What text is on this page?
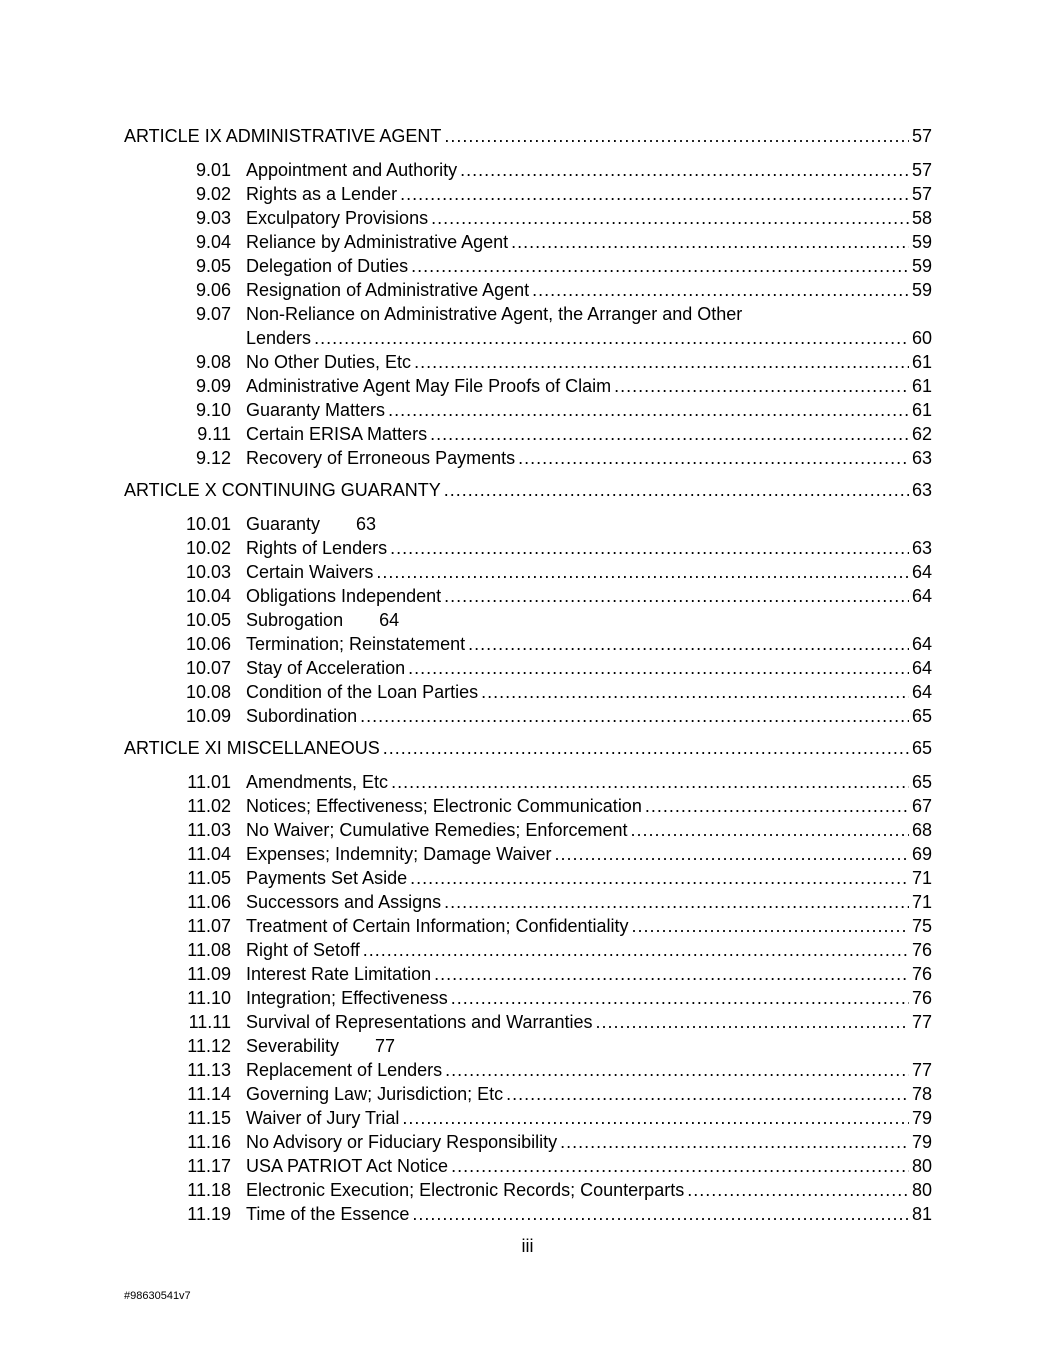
ARTICLE IX ADMINISTRATIVE AGENT .....	57
9.01 Appointment and Authority .....	57
9.02 Rights as a Lender .....	57
9.03 Exculpatory Provisions .....	58
9.04 Reliance by Administrative Agent .....	59
9.05 Delegation of Duties .....	59
9.06 Resignation of Administrative Agent .....	59
9.07 Non-Reliance on Administrative Agent, the Arranger and Other
Lenders .....	60
9.08 No Other Duties, Etc .....	61
9.09 Administrative Agent May File Proofs of Claim .....	61
9.10 Guaranty Matters .....	61
9.11 Certain ERISA Matters .....	62
9.12 Recovery of Erroneous Payments .....	63
ARTICLE X CONTINUING GUARANTY .....	63
10.01 Guaranty 63
10.02 Rights of Lenders .....	63
10.03 Certain Waivers .....	64
10.04 Obligations Independent .....	64
10.05 Subrogation 64
10.06 Termination; Reinstatement .....	64
10.07 Stay of Acceleration .....	64
10.08 Condition of the Loan Parties .....	64
10.09 Subordination .....	65
ARTICLE XI MISCELLANEOUS .....	65
11.01 Amendments, Etc .....	65
11.02 Notices; Effectiveness; Electronic Communication .....	67
11.03 No Waiver; Cumulative Remedies; Enforcement .....	68
11.04 Expenses; Indemnity; Damage Waiver .....	69
11.05 Payments Set Aside .....	71
11.06 Successors and Assigns .....	71
11.07 Treatment of Certain Information; Confidentiality .....	75
11.08 Right of Setoff .....	76
11.09 Interest Rate Limitation .....	76
11.10 Integration; Effectiveness .....	76
11.11 Survival of Representations and Warranties .....	77
11.12 Severability 77
11.13 Replacement of Lenders .....	77
11.14 Governing Law; Jurisdiction; Etc .....	78
11.15 Waiver of Jury Trial .....	79
11.16 No Advisory or Fiduciary Responsibility .....	79
11.17 USA PATRIOT Act Notice .....	80
11.18 Electronic Execution; Electronic Records; Counterparts .....	80
11.19 Time of the Essence .....	81
iii
#98630541v7
